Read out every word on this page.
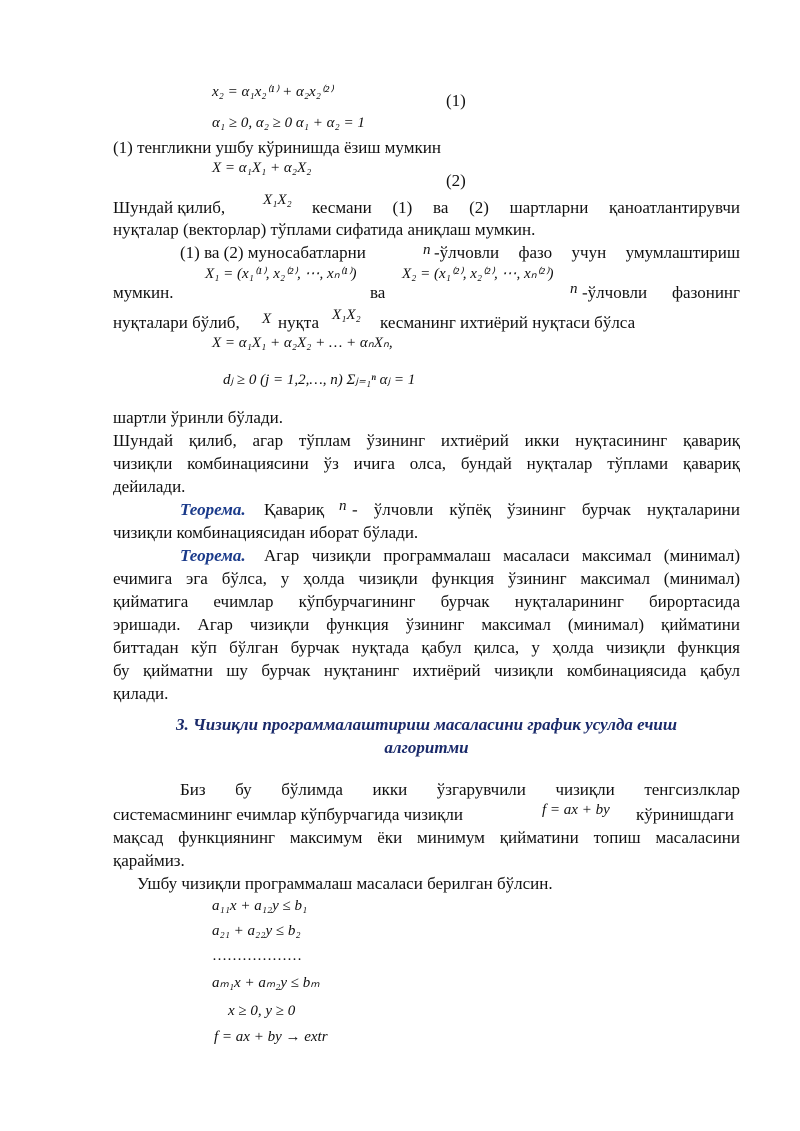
x₂ = α₁x₂⁽¹⁾ + α₂x₂⁽²⁾	(1)
α₁ ≥ 0, α₂ ≥ 0 α₁ + α₂ = 1
(1) тенгликни ушбу кўринишда ёзиш мумкин
X = α₁X₁ + α₂X₂
(2)
Шундай қилиб,	X₁X₂ кесмани (1) ва (2) шартларни қаноатлантирувчи
нуқталар (векторлар) тўплами сифатида аниқлаш мумкин.
(1) ва (2) муносабатларни	n -ўлчовли фазо учун умумлаштириш
X₁ = (x₁⁽¹⁾, x₂⁽²⁾, ⋯, xₙ⁽¹⁾)	X₂ = (x₁⁽²⁾, x₂⁽²⁾, ⋯, xₙ⁽²⁾)
мумкин.	ва	n -ўлчовли фазонинг
нуқталари бўлиб, X нуқта X₁X₂ кесманинг ихтиёрий нуқтаси бўлса
X = α₁X₁ + α₂X₂ + … + αₙXₙ,
dⱼ ≥ 0 (j = 1,2,…, n) Σⱼ₌₁ⁿ αⱼ = 1
шартли ўринли бўлади.
Шундай қилиб, агар тўплам ўзининг ихтиёрий икки нуқтасининг қавариқ
чизиқли комбинациясини ўз ичига олса, бундай нуқталар тўплами қавариқ
дейилади.
Теорема. Қавариқ n - ўлчовли кўпёқ ўзининг бурчак нуқталарини
чизиқли комбинациясидан иборат бўлади.
Теорема. Агар чизиқли программалаш масаласи максимал (минимал)
ечимига эга бўлса, у ҳолда чизиқли функция ўзининг максимал (минимал)
қийматига ечимлар кўпбурчагининг бурчак нуқталарининг бирортасида
эришади. Агар чизиқли функция ўзининг максимал (минимал) қийматини
биттадан кўп бўлган бурчак нуқтада қабул қилса, у ҳолда чизиқли функция
бу қийматни шу бурчак нуқтанинг ихтиёрий чизиқли комбинациясида қабул
қилади.
3. Чизиқли программалаштириш масаласини график усулда ечиш
алгоритми
Биз бу бўлимда икки ўзгарувчили чизиқли тенгсизлклар
системасмининг ечимлар кўпбурчагида чизиқли	f = ax + by кўринишдаги
мақсад функциянинг максимум ёки минимум қийматини топиш масаласини
қараймиз.
Ушбу чизиқли программалаш масаласи берилган бўлсин.
a₁₁x + a₁₂y ≤ b₁
a₂₁ + a₂₂y ≤ b₂
………………
aₘ₁x + aₘ₂y ≤ bₘ
x ≥ 0, y ≥ 0
f = ax + by → extr
